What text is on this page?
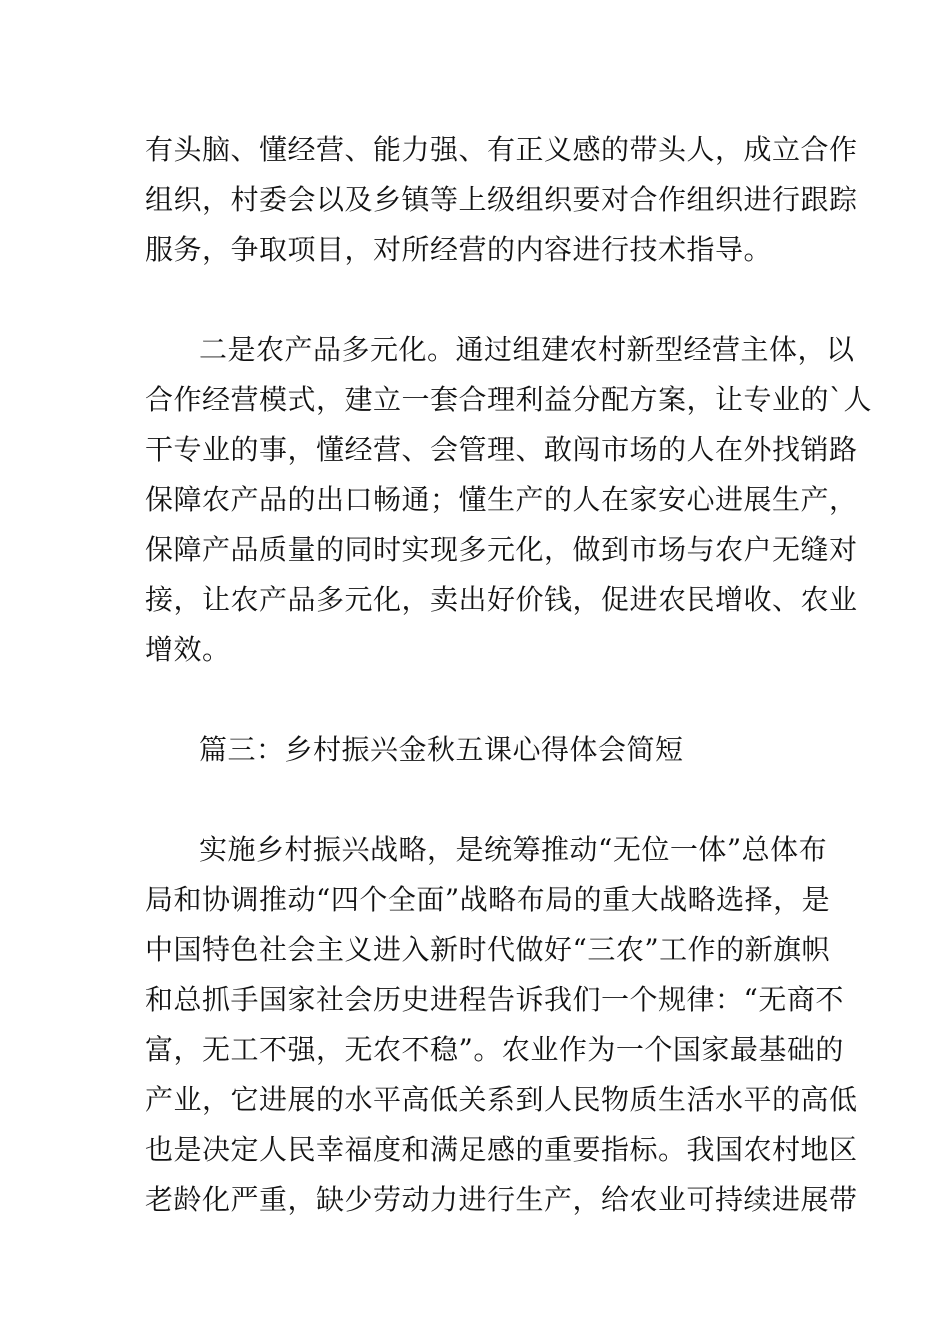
有头脑、懂经营、能力强、有正义感的带头人，成立合作
组织，村委会以及乡镇等上级组织要对合作组织进行跟踪
服务，争取项目，对所经营的内容进行技术指导。
二是农产品多元化。通过组建农村新型经营主体，以
合作经营模式，建立一套合理利益分配方案，让专业的`人
干专业的事，懂经营、会管理、敢闯市场的人在外找销路
保障农产品的出口畅通；懂生产的人在家安心进展生产，
保障产品质量的同时实现多元化，做到市场与农户无缝对
接，让农产品多元化，卖出好价钱，促进农民增收、农业
增效。
篇三：乡村振兴金秋五课心得体会简短
实施乡村振兴战略，是统筹推动“无位一体”总体布
局和协调推动“四个全面”战略布局的重大战略选择，是
中国特色社会主义进入新时代做好“三农”工作的新旗帜
和总抓手国家社会历史进程告诉我们一个规律：“无商不
富，无工不强，无农不稳”。农业作为一个国家最基础的
产业，它进展的水平高低关系到人民物质生活水平的高低
也是决定人民幸福度和满足感的重要指标。我国农村地区
老龄化严重，缺少劳动力进行生产，给农业可持续进展带
